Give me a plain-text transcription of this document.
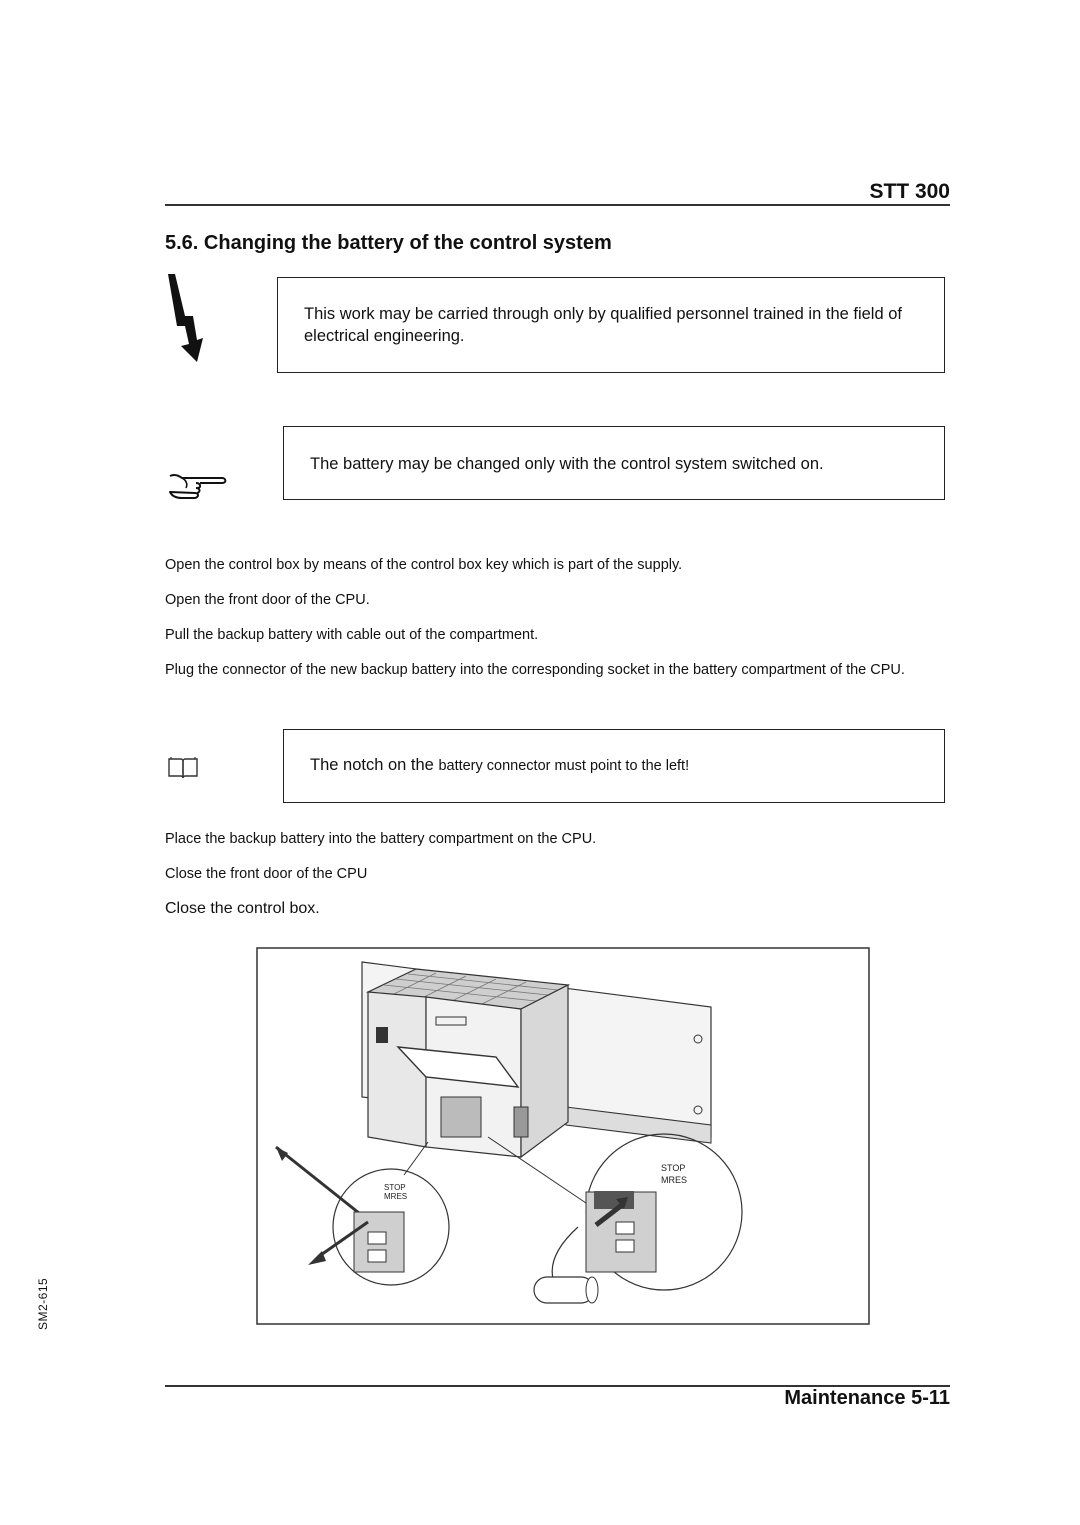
STT 300
5.6. Changing the battery of the control system
This work may be carried through only by qualified personnel trained in the field of electrical engineering.
The battery may be changed only with the control system switched on.
Open the control box by means of the control box key which is part of the supply.
Open the front door of the CPU.
Pull the backup battery with cable out of the compartment.
Plug the connector of the new backup battery into the corresponding socket in the battery compartment of the CPU.
The notch on the battery connector must point to the left!
Place the backup battery into the battery compartment on the CPU.
Close the front door of the CPU
Close the control box.
STOP
MRES
STOP
MRES
SM2-615
Maintenance 5-11
